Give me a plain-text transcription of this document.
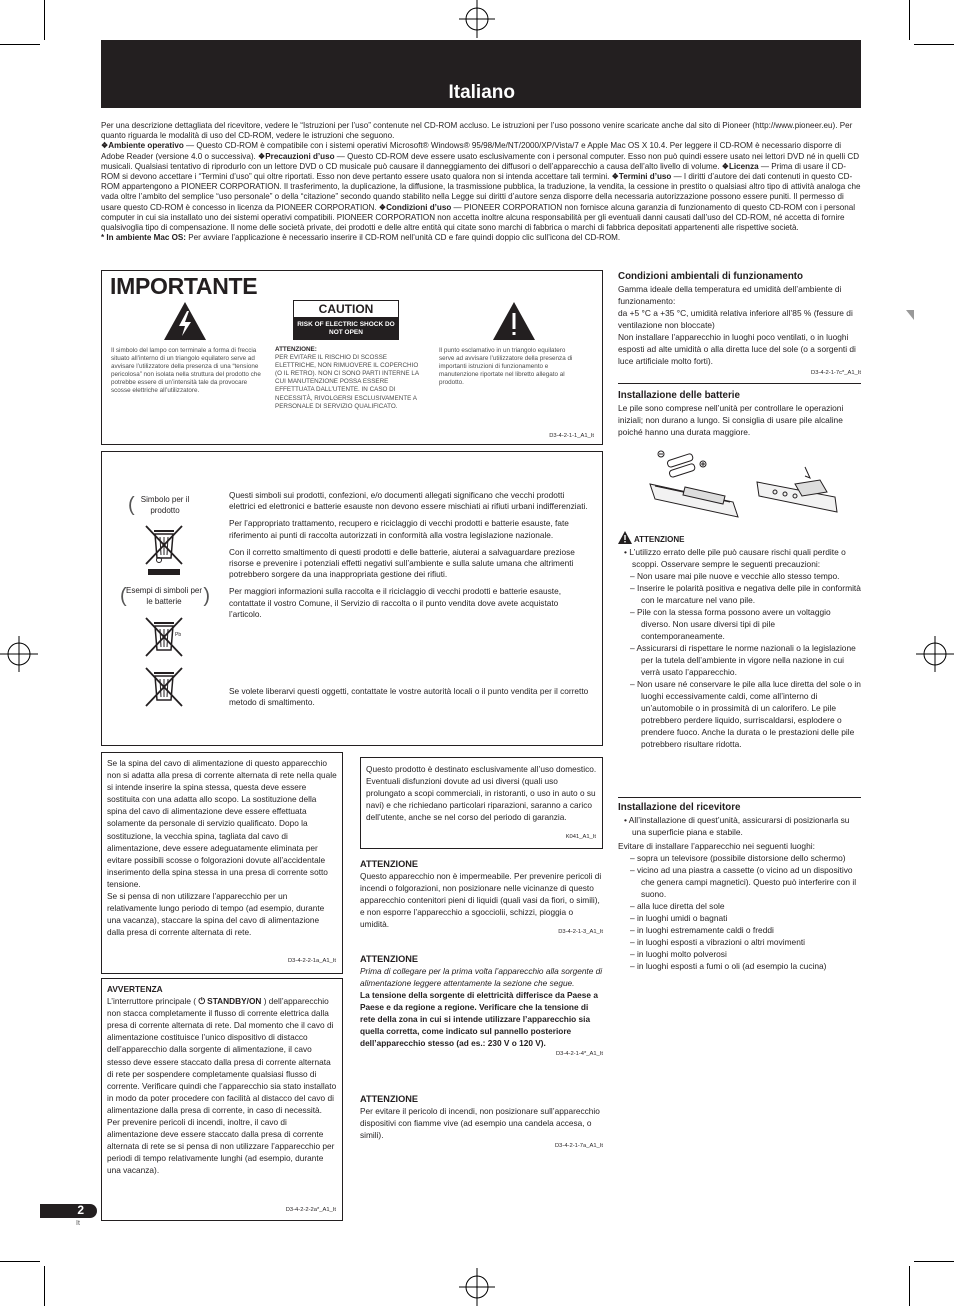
Italiano

Per una descrizione dettagliata del ricevitore, vedere le “Istruzioni per l’uso” contenute nel CD-ROM accluso. Le istruzioni per l’uso possono venire scaricate anche dal sito di Pioneer (http://www.pioneer.eu). Per quanto riguarda le modalità di uso del CD-ROM, vedere le istruzioni che seguono.

❖Ambiente operativo — Questo CD-ROM è compatibile con i sistemi operativi Microsoft® Windows® 95/98/Me/NT/2000/XP/Vista/7 e Apple Mac OS X 10.4. Per leggere il CD-ROM è necessario disporre di Adobe Reader (versione 4.0 o successiva). ❖Precauzioni d’uso — Questo CD-ROM deve essere usato esclusivamente con i personal computer. Esso non può quindi essere usato nei lettori DVD né in quelli CD musicali. Qualsiasi tentativo di riprodurlo con un lettore DVD o CD musicale può causare il danneggiamento dei diffusori o dell’apparecchio a causa dell’alto livello di volume. ❖Licenza — Prima di usare il CD-ROM si devono accettare i “Termini d’uso” qui oltre riportati. Esso non deve pertanto essere usato qualora non si intenda accettare tali termini. ❖Termini d’uso — I diritti d’autore dei dati contenuti in questo CD-ROM appartengono a PIONEER CORPORATION. Il trasferimento, la duplicazione, la diffusione, la trasmissione pubblica, la traduzione, la vendita, la cessione in prestito o qualsiasi altro tipo di attività analoga che vada oltre l’ambito del semplice “uso personale” o della “citazione” secondo quando stabilito nella Legge sui diritti d’autore senza disporre della necessaria autorizzazione possono essere puniti. Il permesso di usare questo CD-ROM è concesso in licenza da PIONEER CORPORATION. ❖Condizioni d’uso — PIONEER CORPORATION non fornisce alcuna garanzia di funzionamento di questo CD-ROM con i personal computer in cui sia installato uno dei sistemi operativi compatibili. PIONEER CORPORATION non accetta inoltre alcuna responsabilità per gli eventuali danni causati dall’uso del CD-ROM, né accetta di fornire qualsivoglia tipo di compensazione. Il nome delle società private, dei prodotti e delle altre entità qui citate sono marchi di fabbrica o marchi di fabbrica depositati appartenenti alle rispettive società.

* In ambiente Mac OS: Per avviare l’applicazione è necessario inserire il CD-ROM nell’unità CD e fare quindi doppio clic sull’icona del CD-ROM.

IMPORTANTE
CAUTION
RISK OF ELECTRIC SHOCK DO NOT OPEN
Il simbolo del lampo con terminale a forma di freccia situato all’interno di un triangolo equilatero serve ad avvisare l’utilizzatore della presenza di una “tensione pericolosa” non isolata nella struttura del prodotto che potrebbe essere di un’intensità tale da provocare scosse elettriche all’utilizzatore.
ATTENZIONE:
PER EVITARE IL RISCHIO DI SCOSSE ELETTRICHE, NON RIMUOVERE IL COPERCHIO (O IL RETRO). NON CI SONO PARTI INTERNE LA CUI MANUTENZIONE POSSA ESSERE EFFETTUATA DALL’UTENTE. IN CASO DI NECESSITÀ, RIVOLGERSI ESCLUSIVAMENTE A PERSONALE DI SERVIZIO QUALIFICATO.
Il punto esclamativo in un triangolo equilatero serve ad avvisare l’utilizzatore della presenza di importanti istruzioni di funzionamento e manutenzione riportate nel libretto allegato al prodotto.
D3-4-2-1-1_A1_It
( Simbolo per il prodotto
( Esempi di simboli per le batterie )
Pb

Questi simboli sui prodotti, confezioni, e/o documenti allegati significano che vecchi prodotti elettrici ed elettronici e batterie esauste non devono essere mischiati ai rifiuti urbani indifferenziati.

Per l’appropriato trattamento, recupero e riciclaggio di vecchi prodotti e batterie esauste, fate riferimento ai punti di raccolta autorizzati in conformità alla vostra legislazione nazionale.

Con il corretto smaltimento di questi prodotti e delle batterie, aiuterai a salvaguardare preziose risorse e prevenire i potenziali effetti negativi sull’ambiente e sulla salute umana che altrimenti potrebbero sorgere da una inappropriata gestione dei rifiuti.

Per maggiori informazioni sulla raccolta e il riciclaggio di vecchi prodotti e batterie esauste, contattate il vostro Comune, il Servizio di raccolta o il punto vendita dove avete acquistato l’articolo.

Se volete liberarvi questi oggetti, contattate le vostre autorità locali o il punto vendita per il corretto metodo di smaltimento.
Se la spina del cavo di alimentazione di questo apparecchio non si adatta alla presa di corrente alternata di rete nella quale si intende inserire la spina stessa, questa deve essere sostituita con una adatta allo scopo. La sostituzione della spina del cavo di alimentazione deve essere effettuata solamente da personale di servizio qualificato. Dopo la sostituzione, la vecchia spina, tagliata dal cavo di alimentazione, deve essere adeguatamente eliminata per evitare possibili scosse o folgorazioni dovute all’accidentale inserimento della spina stessa in una presa di corrente sotto tensione.
Se si pensa di non utilizzare l’apparecchio per un relativamente lungo periodo di tempo (ad esempio, durante una vacanza), staccare la spina del cavo di alimentazione dalla presa di corrente alternata di rete.
D3-4-2-2-1a_A1_It
AVVERTENZA
L’interruttore principale ( ⏻ STANDBY/ON ) dell’apparecchio non stacca completamente il flusso di corrente elettrica dalla presa di corrente alternata di rete. Dal momento che il cavo di alimentazione costituisce l’unico dispositivo di distacco dell’apparecchio dalla sorgente di alimentazione, il cavo stesso deve essere staccato dalla presa di corrente alternata di rete per sospendere completamente qualsiasi flusso di corrente. Verificare quindi che l’apparecchio sia stato installato in modo da poter procedere con facilità al distacco del cavo di alimentazione dalla presa di corrente, in caso di necessità. Per prevenire pericoli di incendi, inoltre, il cavo di alimentazione deve essere staccato dalla presa di corrente alternata di rete se si pensa di non utilizzare l’apparecchio per periodi di tempo relativamente lunghi (ad esempio, durante una vacanza).
D3-4-2-2-2a*_A1_It
Questo prodotto è destinato esclusivamente all’uso domestico. Eventuali disfunzioni dovute ad usi diversi (quali uso prolungato a scopi commerciali, in ristoranti, o uso in auto o su navi) e che richiedano particolari riparazioni, saranno a carico dell’utente, anche se nel corso del periodo di garanzia.
K041_A1_It
ATTENZIONE
Questo apparecchio non è impermeabile. Per prevenire pericoli di incendi o folgorazioni, non posizionare nelle vicinanze di questo apparecchio contenitori pieni di liquidi (quali vasi da fiori, o simili), e non esporre l’apparecchio a sgocciolii, schizzi, pioggia o umidità.
D3-4-2-1-3_A1_It
ATTENZIONE
Prima di collegare per la prima volta l’apparecchio alla sorgente di alimentazione leggere attentamente la sezione che segue.
La tensione della sorgente di elettricità differisce da Paese a Paese e da regione a regione. Verificare che la tensione di rete della zona in cui si intende utilizzare l’apparecchio sia quella corretta, come indicato sul pannello posteriore dell’apparecchio stesso (ad es.: 230 V o 120 V).
D3-4-2-1-4*_A1_It
ATTENZIONE
Per evitare il pericolo di incendi, non posizionare sull’apparecchio dispositivi con fiamme vive (ad esempio una candela accesa, o simili).
D3-4-2-1-7a_A1_It
Condizioni ambientali di funzionamento
Gamma ideale della temperatura ed umidità dell’ambiente di funzionamento:
da +5 °C a +35 °C, umidità relativa inferiore all’85 % (fessure di ventilazione non bloccate)
Non installare l’apparecchio in luoghi poco ventilati, o in luoghi esposti ad alte umidità o alla diretta luce del sole (o a sorgenti di luce artificiale molto forti).
D3-4-2-1-7c*_A1_It
Installazione delle batterie
Le pile sono comprese nell’unità per controllare le operazioni iniziali; non durano a lungo. Si consiglia di usare pile alcaline poiché hanno una durata maggiore.
ATTENZIONE
• L’utilizzo errato delle pile può causare rischi quali perdite o scoppi. Osservare sempre le seguenti precauzioni:
– Non usare mai pile nuove e vecchie allo stesso tempo.
– Inserire le polarità positiva e negativa delle pile in conformità con le marcature nel vano pile.
– Pile con la stessa forma possono avere un voltaggio diverso. Non usare diversi tipi di pile contemporaneamente.
– Assicurarsi di rispettare le norme nazionali o la legislazione per la tutela dell’ambiente in vigore nella nazione in cui verrà usato l’apparecchio.
– Non usare né conservare le pile alla luce diretta del sole o in luoghi eccessivamente caldi, come all’interno di un’automobile o in prossimità di un calorifero. Le pile potrebbero perdere liquido, surriscaldarsi, esplodere o prendere fuoco. Anche la durata o le prestazioni delle pile potrebbero risultare ridotta.
Installazione del ricevitore
• All’installazione di quest’unità, assicurarsi di posizionarla su una superficie piana e stabile.
Evitare di installare l’apparecchio nei seguenti luoghi:
– sopra un televisore (possibile distorsione dello schermo)
– vicino ad una piastra a cassette (o vicino ad un dispositivo che genera campi magnetici). Questo può interferire con il suono.
– alla luce diretta del sole
– in luoghi umidi o bagnati
– in luoghi estremamente caldi o freddi
– in luoghi esposti a vibrazioni o altri movimenti
– in luoghi molto polverosi
– in luoghi esposti a fumi o oli (ad esempio la cucina)
2
It
